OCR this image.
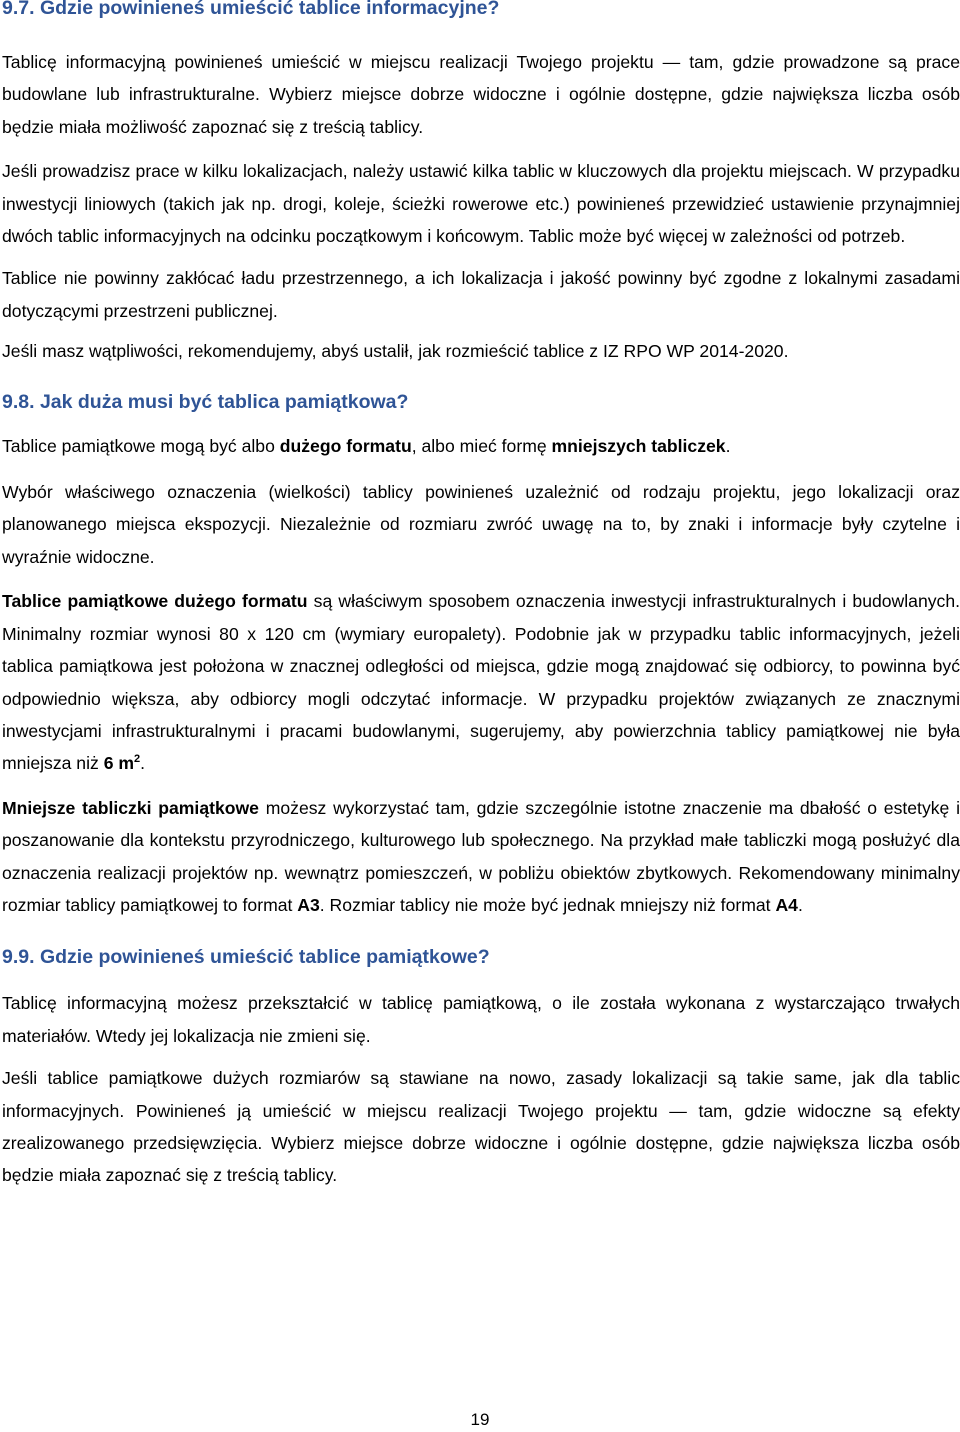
9.7. Gdzie powinieneś umieścić tablice informacyjne?

Tablicę informacyjną powinieneś umieścić w miejscu realizacji Twojego projektu — tam, gdzie prowadzone są prace budowlane lub infrastrukturalne. Wybierz miejsce dobrze widoczne i ogólnie dostępne, gdzie największa liczba osób będzie miała możliwość zapoznać się z treścią tablicy.

Jeśli prowadzisz prace w kilku lokalizacjach, należy ustawić kilka tablic w kluczowych dla projektu miejscach. W przypadku inwestycji liniowych (takich jak np. drogi, koleje, ścieżki rowerowe etc.) powinieneś przewidzieć ustawienie przynajmniej dwóch tablic informacyjnych na odcinku początkowym i końcowym. Tablic może być więcej w zależności od potrzeb.

Tablice nie powinny zakłócać ładu przestrzennego, a ich lokalizacja i jakość powinny być zgodne z lokalnymi zasadami dotyczącymi przestrzeni publicznej.

Jeśli masz wątpliwości, rekomendujemy, abyś ustalił, jak rozmieścić tablice z IZ RPO WP 2014-2020.

9.8. Jak duża musi być tablica pamiątkowa?

Tablice pamiątkowe mogą być albo dużego formatu, albo mieć formę mniejszych tabliczek.

Wybór właściwego oznaczenia (wielkości) tablicy powinieneś uzależnić od rodzaju projektu, jego lokalizacji oraz planowanego miejsca ekspozycji. Niezależnie od rozmiaru zwróć uwagę na to, by znaki i informacje były czytelne i wyraźnie widoczne.

Tablice pamiątkowe dużego formatu są właściwym sposobem oznaczenia inwestycji infrastrukturalnych i budowlanych. Minimalny rozmiar wynosi 80 x 120 cm (wymiary europalety). Podobnie jak w przypadku tablic informacyjnych, jeżeli tablica pamiątkowa jest położona w znacznej odległości od miejsca, gdzie mogą znajdować się odbiorcy, to powinna być odpowiednio większa, aby odbiorcy mogli odczytać informacje. W przypadku projektów związanych ze znacznymi inwestycjami infrastrukturalnymi i pracami budowlanymi, sugerujemy, aby powierzchnia tablicy pamiątkowej nie była mniejsza niż 6 $m^2$.

Mniejsze tabliczki pamiątkowe możesz wykorzystać tam, gdzie szczególnie istotne znaczenie ma dbałość o estetykę i poszanowanie dla kontekstu przyrodniczego, kulturowego lub społecznego. Na przykład małe tabliczki mogą posłużyć dla oznaczenia realizacji projektów np. wewnątrz pomieszczeń, w pobliżu obiektów zbytkowych. Rekomendowany minimalny rozmiar tablicy pamiątkowej to format A3. Rozmiar tablicy nie może być jednak mniejszy niż format A4.

9.9. Gdzie powinieneś umieścić tablice pamiątkowe?

Tablicę informacyjną możesz przekształcić w tablicę pamiątkową, o ile została wykonana z wystarczająco trwałych materiałów. Wtedy jej lokalizacja nie zmieni się.

Jeśli tablice pamiątkowe dużych rozmiarów są stawiane na nowo, zasady lokalizacji są takie same, jak dla tablic informacyjnych. Powinieneś ją umieścić w miejscu realizacji Twojego projektu — tam, gdzie widoczne są efekty zrealizowanego przedsięwzięcia. Wybierz miejsce dobrze widoczne i ogólnie dostępne, gdzie największa liczba osób będzie miała zapoznać się z treścią tablicy.

19
